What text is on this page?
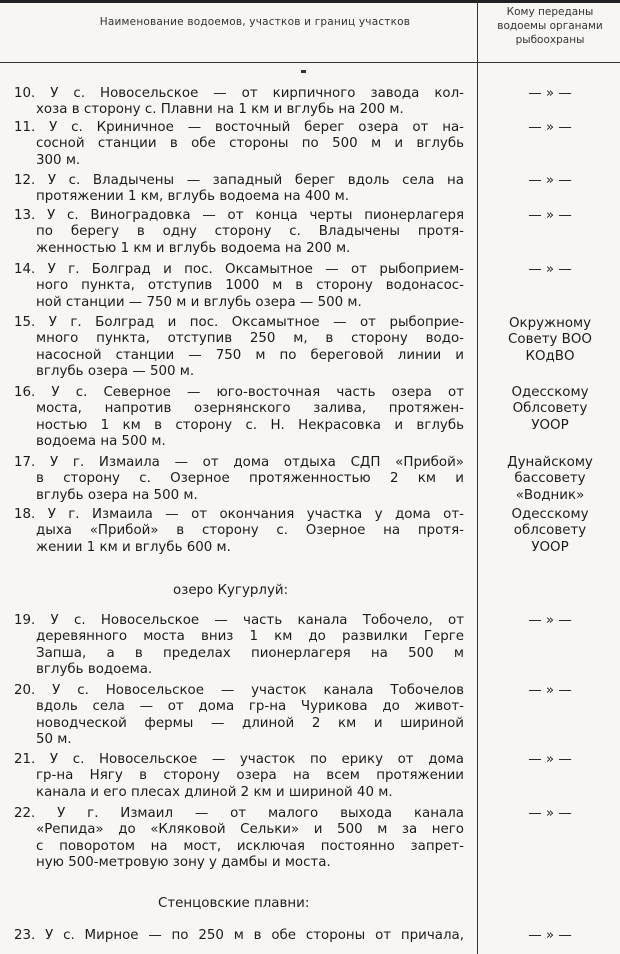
Наименование водоемов, участков и границ участков
Кому переданы
водоемы органами
рыбоохраны
озеро Кугурлуй:
Стенцовские плавни:
10. У с. Новосельское — от кирпичного завода кол-
хоза в сторону с. Плавни на 1 км и вглубь на 200 м.
— » —
11. У с. Криничное — восточный берег озера от на-
сосной станции в обе стороны по 500 м и вглубь
300 м.
— » —
12. У с. Владычены — западный берег вдоль села на
протяжении 1 км, вглубь водоема на 400 м.
— » —
13. У с. Виноградовка — от конца черты пионерлагеря
по берегу в одну сторону с. Владычены протя-
женностью 1 км и вглубь водоема на 200 м.
— » —
14. У г. Болград и пос. Оксамытное — от рыбоприем-
ного пункта, отступив 1000 м в сторону водонасос-
ной станции — 750 м и вглубь озера — 500 м.
— » —
15. У г. Болград и пос. Оксамытное — от рыбоприе-
много пункта, отступив 250 м, в сторону водо-
насосной станции — 750 м по береговой линии и
вглубь озера — 500 м.
Окружному
Совету ВОО
КОдВО
16. У с. Северное — юго-восточная часть озера от
моста, напротив озернянского залива, протяжен-
ностью 1 км в сторону с. Н. Некрасовка и вглубь
водоема на 500 м.
Одесскому
Облсовету
УООР
17. У г. Измаила — от дома отдыха СДП «Прибой»
в сторону с. Озерное протяженностью 2 км и
вглубь озера на 500 м.
Дунайскому
бассовету
«Водник»
18. У г. Измаила — от окончания участка у дома от-
дыха «Прибой» в сторону с. Озерное на протя-
жении 1 км и вглубь 600 м.
Одесскому
облсовету
УООР
19. У с. Новосельское — часть канала Тобочело, от
деревянного моста вниз 1 км до развилки Герге
Запша, а в пределах пионерлагеря на 500 м
вглубь водоема.
— » —
20. У с. Новосельское — участок канала Тобочелов
вдоль села — от дома гр-на Чурикова до живот-
новодческой фермы — длиной 2 км и шириной
50 м.
— » —
21. У с. Новосельское — участок по ерику от дома
гр-на Нягу в сторону озера на всем протяжении
канала и его плесах длиной 2 км и шириной 40 м.
— » —
22. У г. Измаил — от малого выхода канала
«Репида» до «Кляковой Сельки» и 500 м за него
с поворотом на мост, исключая постоянно запрет-
ную 500-метровую зону у дамбы и моста.
— » —
23. У с. Мирное — по 250 м в обе стороны от причала,	— » —
